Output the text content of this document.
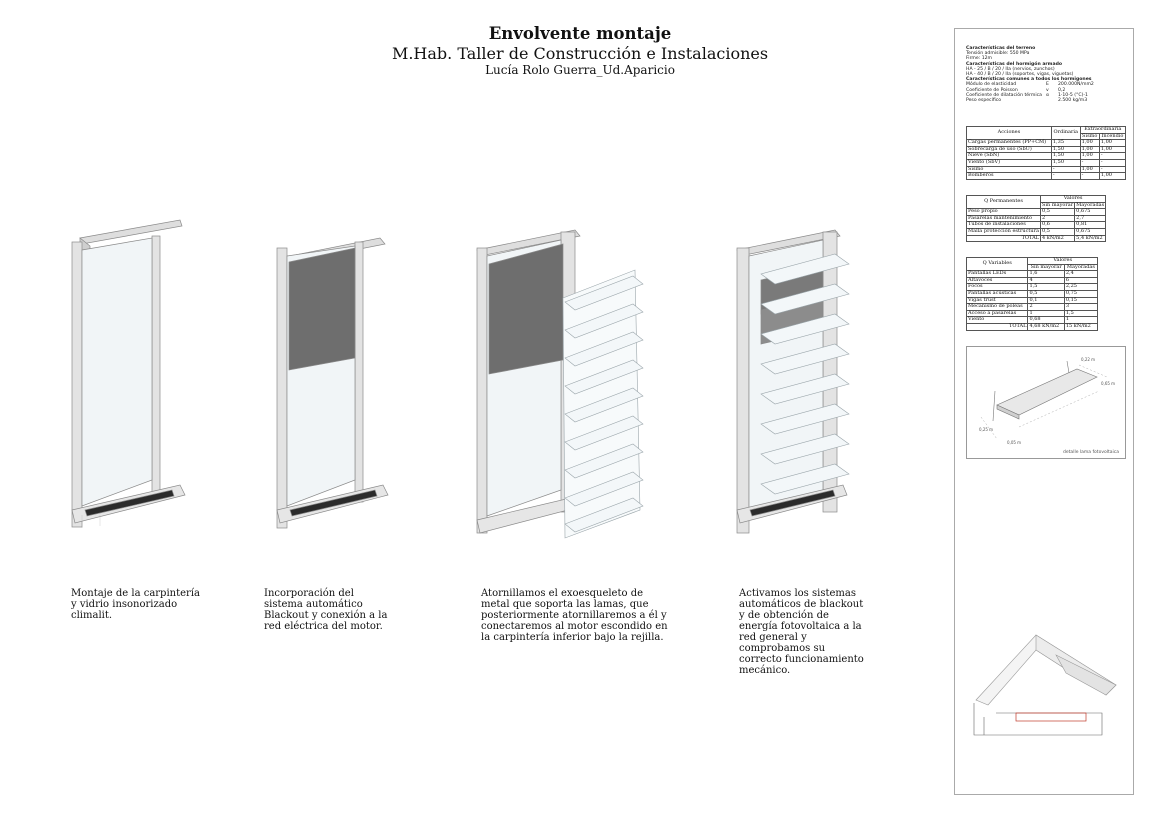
Envolvente montaje
M.Hab. Taller de Construcción e Instalaciones
Lucía Rolo Guerra_Ud.Aparicio
Montaje de la carpintería
y vidrio insonorizado
climalit.
Incorporación del
sistema automático
Blackout y conexión a la
red eléctrica del motor.
Atornillamos el exoesqueleto de
metal que soporta las lamas, que
posteriormente atornillaremos a él y
conectaremos al motor escondido en
la carpintería inferior bajo la rejilla.
Activamos los sistemas
automáticos de blackout
y de obtención de
energía fotovoltaica a la
red general y
comprobamos su
correcto funcionamiento
mecánico.
Características del terreno
Tensión admisible:
550 MPa
Firme: 12m
Características del hormigón armado
HA - 25 / B / 20 / IIa (nervios, zunchos)
HA - 40 / B / 20 / IIa (soportes, vigas, viguetas)
Características comunes a todos los hormigones
Módulo de elasticidad	E	200.000N/mm2
Coeficiente de Poisson	v	0,2
Coeficiente de dilatación térmica α	1·10-5 (°C)-1
Peso específico	2.500 kg/m3
Acciones	Ordinaria	Extraordinaria	
		Sismo	Incendio
Cargas permanentes (PP+CM)	1,35	1,00	1,00
Sobrecarga de uso (SbU)	1,50	1,00	1,00
Nieve (SbN)	1,50	1,00	-
Viento (SbV)	1,50	-	-
Sismo	-	1,00	-
Bomberos	-	-	1,00
Q Permanentes	Valores	
	Sin mayorar	Mayoradas
Peso propio	0,5	0,675
Pasarelas mantenimiento	2	2,7
Tubos de instalaciones	0,6	0,81
Malla protección estructura	0,5	0,675
TOTAL	4 kN/m2	5,4 kN/m2
Q Variables	Valores	
	Sin mayorar	Mayoradas
Pantallas LEDs	1,6	2,4
Altavoces	4	6
Focos	1,5	2,25
Pantallas acústicas	0,5	0,75
Vigas trust	0,1	0,15
Mecanismo de poleas	2	3
Acceso a pasarelas	1	1,5
Viento	0,68	1
TOTAL	4,68 kN/m2	15 kN/m2
0,22 m
0,65 m
0,25 m
0,05 m
detalle lama fotovoltaica
